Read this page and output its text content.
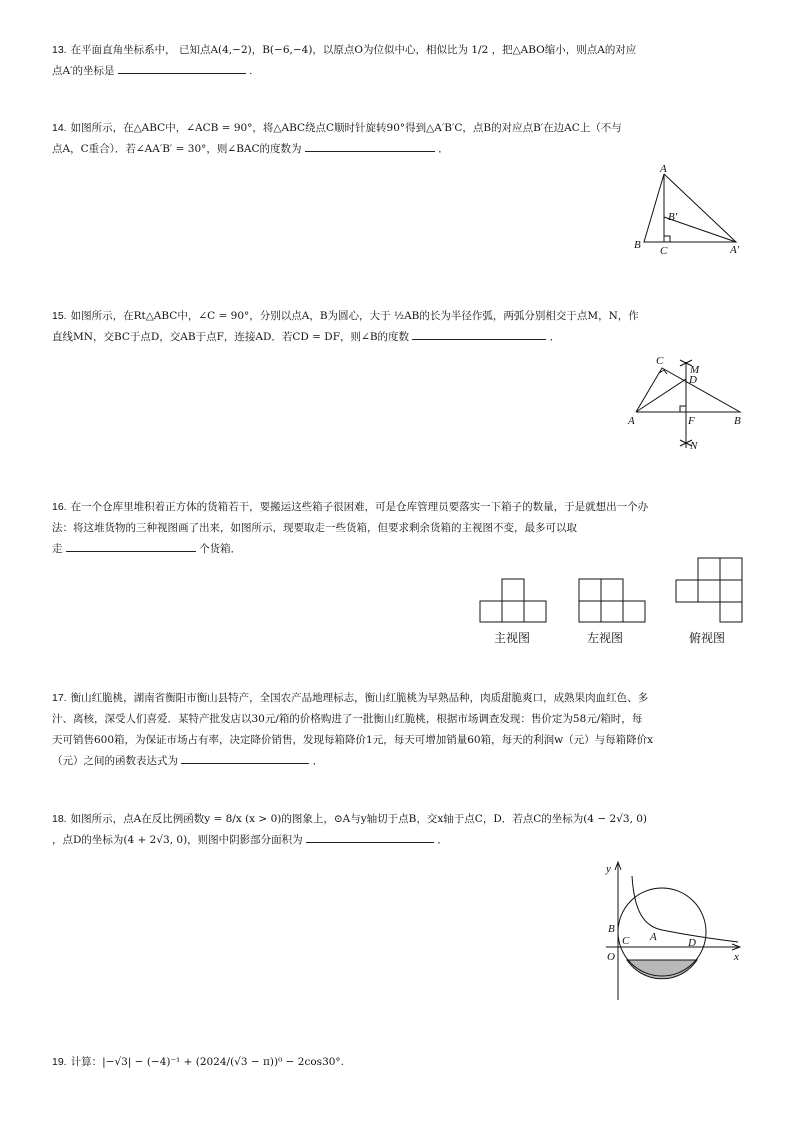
13. 在平面直角坐标系中， 已知点A(4,−2)，B(−6,−4)，以原点O为位似中心，相似比为 1/2 ，把△ABO缩小，则点A的对应
点A′的坐标是	.
14. 如图所示，在△ABC中，∠ACB = 90°，将△ABC绕点C顺时针旋转90°得到△A′B′C，点B的对应点B′在边AC上（不与
点A，C重合）．若∠AA′B′ = 30°，则∠BAC的度数为	．
A
B′
B C	A′
15. 如图所示，在Rt△ABC中，∠C = 90°，分别以点A，B为圆心，大于 ½AB的长为半径作弧，两弧分别相交于点M，N，作
直线MN，交BC于点D，交AB于点F，连接AD．若CD = DF，则∠B的度数	．
C
M
D
A	F	B
N
16. 在一个仓库里堆积着正方体的货箱若干，要搬运这些箱子很困难，可是仓库管理员要落实一下箱子的数量，于是就想出一个办
法：将这堆货物的三种视图画了出来，如图所示，现要取走一些货箱，但要求剩余货箱的主视图不变，最多可以取
走	个货箱．
主视图	左视图	俯视图
17. 衡山红脆桃，湖南省衡阳市衡山县特产，全国农产品地理标志，衡山红脆桃为早熟品种，肉质甜脆爽口，成熟果肉血红色、多
汁、离核，深受人们喜爱．某特产批发店以30元/箱的价格购进了一批衡山红脆桃，根据市场调查发现：售价定为58元/箱时，每
天可销售600箱，为保证市场占有率，决定降价销售，发现每箱降价1元，每天可增加销量60箱，每天的利润w（元）与每箱降价x
（元）之间的函数表达式为	．
18. 如图所示，点A在反比例函数y = 8/x (x > 0)的图象上，⊙A与y轴切于点B，交x轴于点C，D．若点C的坐标为(4 − 2√3, 0)
，点D的坐标为(4 + 2√3, 0)，则图中阴影部分面积为	．
y
B
C A	D
O	x
19. 计算：|−√3| − (−4)⁻¹ + (2024/(√3 − π))⁰ − 2cos30°.
